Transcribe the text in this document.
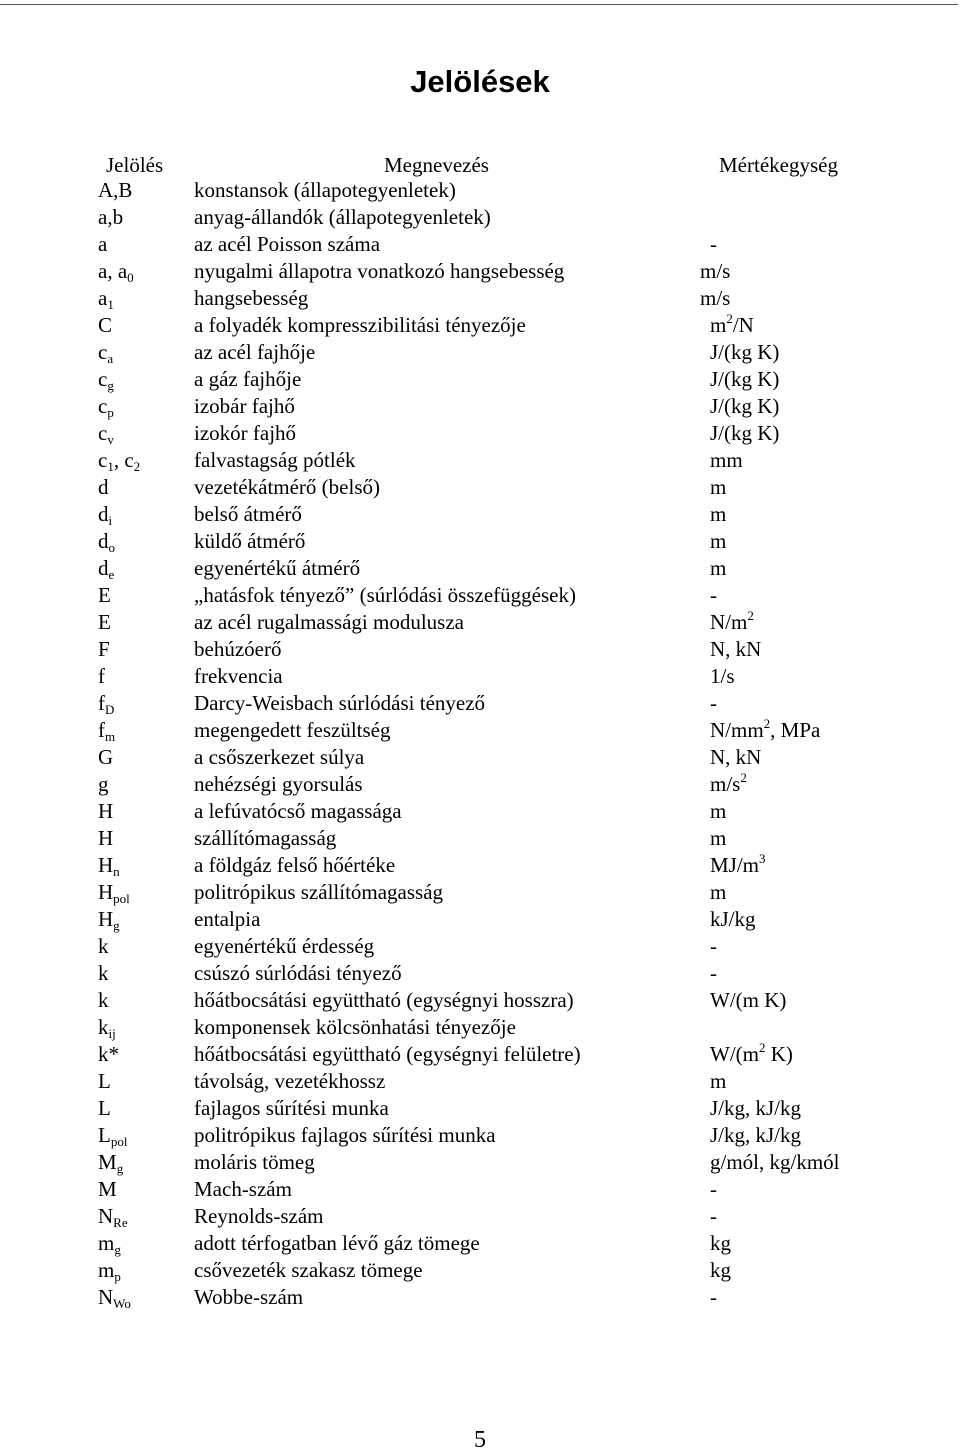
Jelölések
Jelölés	Megnevezés	Mértékegység
A,B	konstansok (állapotegyenletek)
a,b	anyag-állandók (állapotegyenletek)
a	az acél Poisson száma	-
a, $a_0$	nyugalmi állapotra vonatkozó hangsebesség	m/s
$a_1$	hangsebesség	m/s
C	a folyadék kompresszibilitási tényezője	$m^2/N$
$c_a$	az acél fajhője	J/(kg K)
$c_g$	a gáz fajhője	J/(kg K)
$c_p$	izobár fajhő	J/(kg K)
$c_v$	izokór fajhő	J/(kg K)
$c_1$, $c_2$	falvastagság pótlék	mm
d	vezetékátmérő (belső)	m
$d_i$	belső átmérő	m
$d_o$	küldő átmérő	m
$d_e$	egyenértékű átmérő	m
E	„hatásfok tényező” (súrlódási összefüggések)	-
E	az acél rugalmassági modulusza	$N/m^2$
F	behúzóerő	N, kN
f	frekvencia	1/s
$f_D$	Darcy-Weisbach súrlódási tényező	-
$f_m$	megengedett feszültség	$N/mm^2$, MPa
G	a csőszerkezet súlya	N, kN
g	nehézségi gyorsulás	$m/s^2$
H	a lefúvatócső magassága	m
H	szállítómagasság	m
$H_n$	a földgáz felső hőértéke	$MJ/m^3$
$H_{pol}$	politrópikus szállítómagasság	m
$H_g$	entalpia	kJ/kg
k	egyenértékű érdesség	-
k	csúszó súrlódási tényező	-
k	hőátbocsátási együttható (egységnyi hosszra)	W/(m K)
$k_{ij}$	komponensek kölcsönhatási tényezője
k*	hőátbocsátási együttható (egységnyi felületre)	$W/(m^2$ K)
L	távolság, vezetékhossz	m
L	fajlagos sűrítési munka	J/kg, kJ/kg
$L_{pol}$	politrópikus fajlagos sűrítési munka	J/kg, kJ/kg
$M_g$	moláris tömeg	g/mól, kg/kmól
M	Mach-szám	-
$N_{Re}$	Reynolds-szám	-
$m_g$	adott térfogatban lévő gáz tömege	kg
$m_p$	csővezeték szakasz tömege	kg
$N_{Wo}$	Wobbe-szám	-
5
